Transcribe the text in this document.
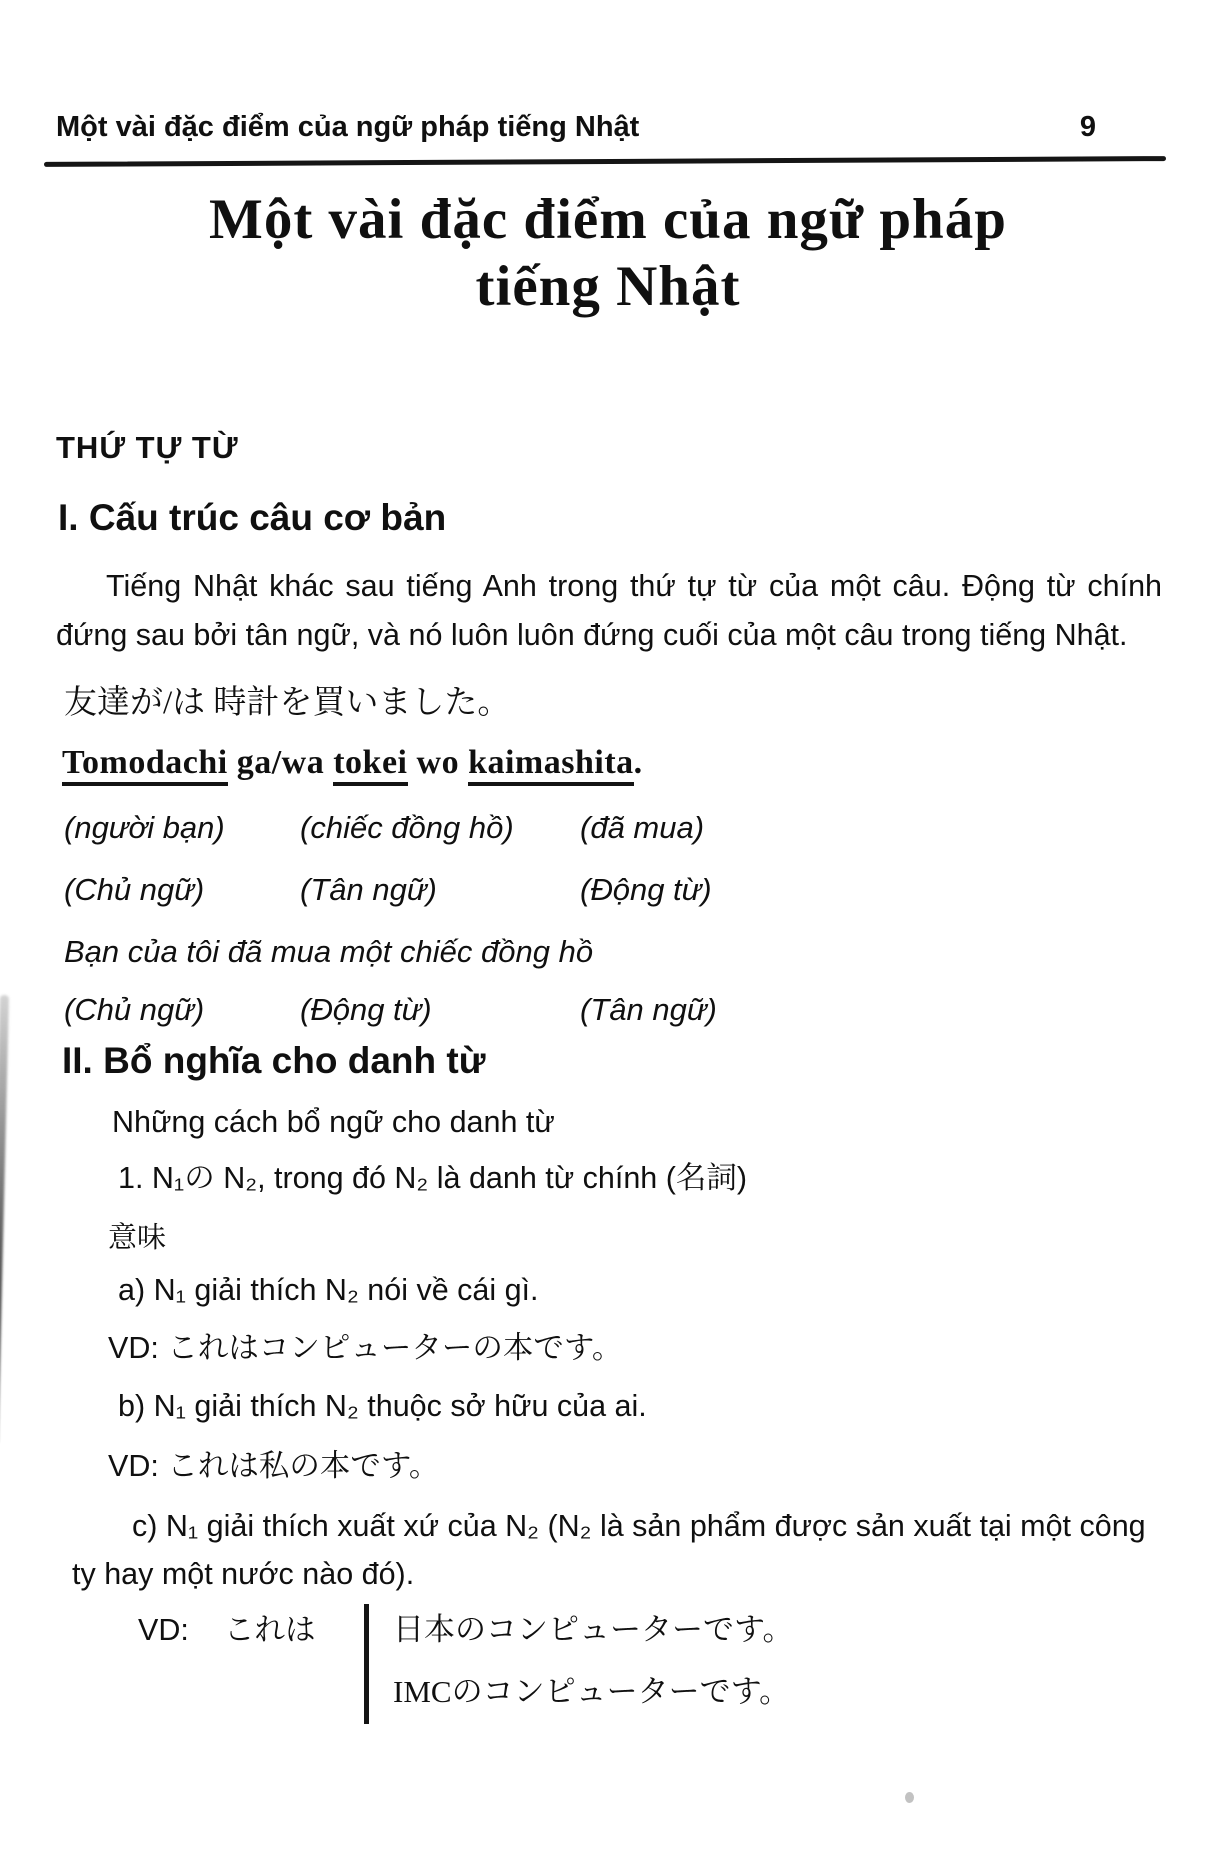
Một vài đặc điểm của ngữ pháp tiếng Nhật	9
Một vài đặc điểm của ngữ pháp
tiếng Nhật
THỨ TỰ TỪ
I. Cấu trúc câu cơ bản

Tiếng Nhật khác sau tiếng Anh trong thứ tự từ của một câu. Động từ chính đứng sau bởi tân ngữ, và nó luôn luôn đứng cuối của một câu trong tiếng Nhật.

友達が/は 時計を買いました。

Tomodachi ga/wa tokei wo kaimashita.

(người bạn) (chiếc đồng hồ) (đã mua)
(Chủ ngữ)	(Tân ngữ)	(Động từ)

Bạn của tôi đã mua một chiếc đồng hồ

(Chủ ngữ)	(Động từ)	(Tân ngữ)
II. Bổ nghĩa cho danh từ

Những cách bổ ngữ cho danh từ

1. N₁の N₂, trong đó N₂ là danh từ chính (名詞)

意味

a) N₁ giải thích N₂ nói về cái gì.

VD: これはコンピューターの本です。

b) N₁ giải thích N₂ thuộc sở hữu của ai.

VD: これは私の本です。

c) N₁ giải thích xuất xứ của N₂ (N₂ là sản phẩm được sản xuất tại một công ty hay một nước nào đó).

VD:	これは	日本のコンピューターです。
IMCのコンピューターです。
